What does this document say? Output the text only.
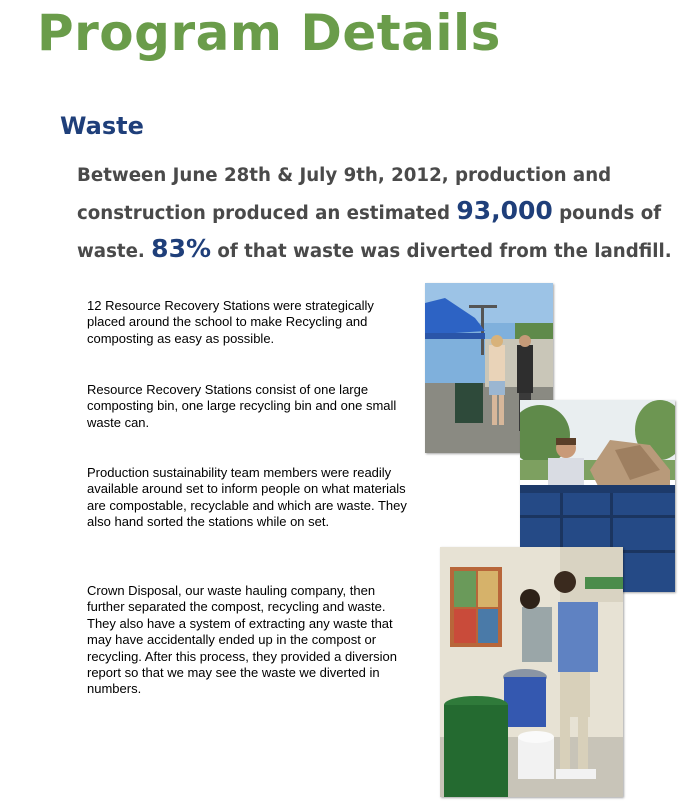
Program Details
Waste

Between June 28th & July 9th, 2012, production and construction produced an estimated 93,000 pounds of waste. 83% of that waste was diverted from the landfill.

12 Resource Recovery Stations were strategically placed around the school to make Recycling and composting as easy as possible.

Resource Recovery Stations consist of one large composting bin, one large recycling bin and one small waste can.

Production sustainability team members were readily available around set to inform people on what materials are compostable, recyclable and which are waste. They also hand sorted the stations while on set.

Crown Disposal, our waste hauling company, then further separated the compost, recycling and waste. They also have a system of extracting any waste that may have accidentally ended up in the compost or recycling. After this process, they provided a diversion report so that we may see the waste we diverted in numbers.
